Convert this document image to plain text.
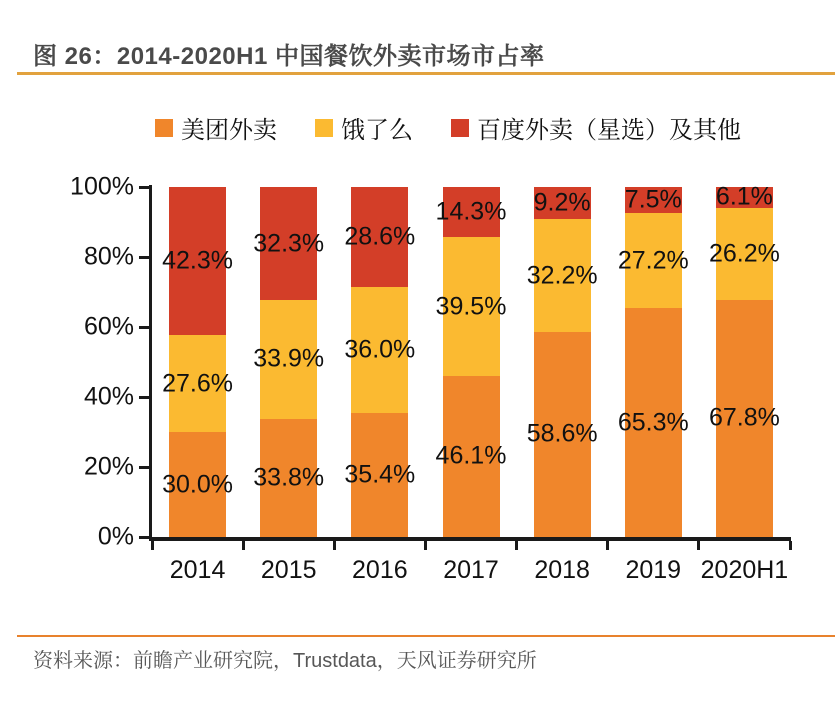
图 26：2014-2020H1 中国餐饮外卖市场市占率
美团外卖	饿了么	百度外卖（星选）及其他
0%
20%
40%
60%
80%
100%
30.0%
27.6%
42.3%
2014
33.8%
33.9%
32.3%
2015
35.4%
36.0%
28.6%
2016
46.1%
39.5%
14.3%
2017
58.6%
32.2%
9.2%
2018
65.3%
27.2%
7.5%
2019
67.8%
26.2%
6.1%
2020H1
资料来源：前瞻产业研究院，Trustdata，天风证券研究所
